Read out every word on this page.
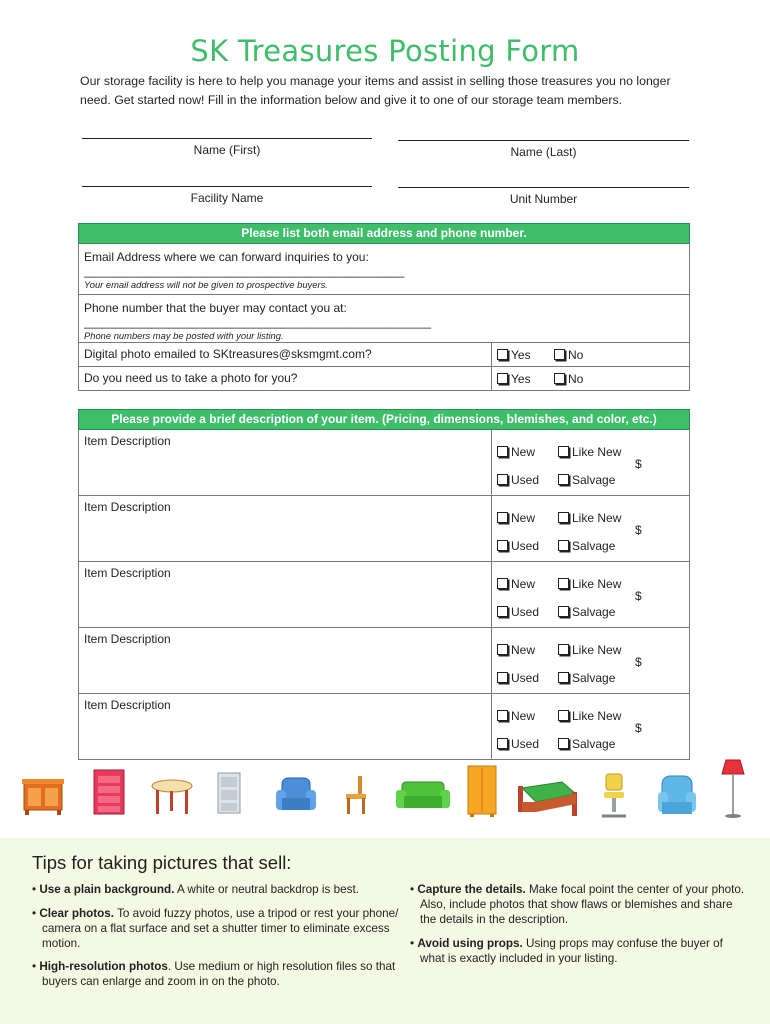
SK Treasures Posting Form
Our storage facility is here to help you manage your items and assist in selling those treasures you no longer need. Get started now! Fill in the information below and give it to one of our storage team members.
Name (First)	Name (Last)
Facility Name	Unit Number
Please list both email address and phone number.	

Email Address where we can forward inquiries to you: ________________________________________________
Your email address will not be given to prospective buyers.	

Phone number that the buyer may contact you at: ____________________________________________________
Phone numbers may be posted with your listing.	

Digital photo emailed to SKtreasures@sksmgmt.com?	Yes No

Do you need us to take a photo for you?	Yes No
Please provide a brief description of your item. (Pricing, dimensions, blemishes, and color, etc.)	

Item Description	New Like New
Used Salvage
$

Item Description	New Like New
Used Salvage
$

Item Description	New Like New
Used Salvage
$

Item Description	New Like New
Used Salvage
$

Item Description	New Like New
Used Salvage
$
Tips for taking pictures that sell:
• Use a plain background. A white or neutral backdrop is best.
• Clear photos. To avoid fuzzy photos, use a tripod or rest your phone/ camera on a flat surface and set a shutter timer to eliminate excess motion.
• High-resolution photos. Use medium or high resolution files so that buyers can enlarge and zoom in on the photo.
• Capture the details. Make focal point the center of your photo. Also, include photos that show flaws or blemishes and share the details in the description.
• Avoid using props. Using props may confuse the buyer of what is exactly included in your listing.
